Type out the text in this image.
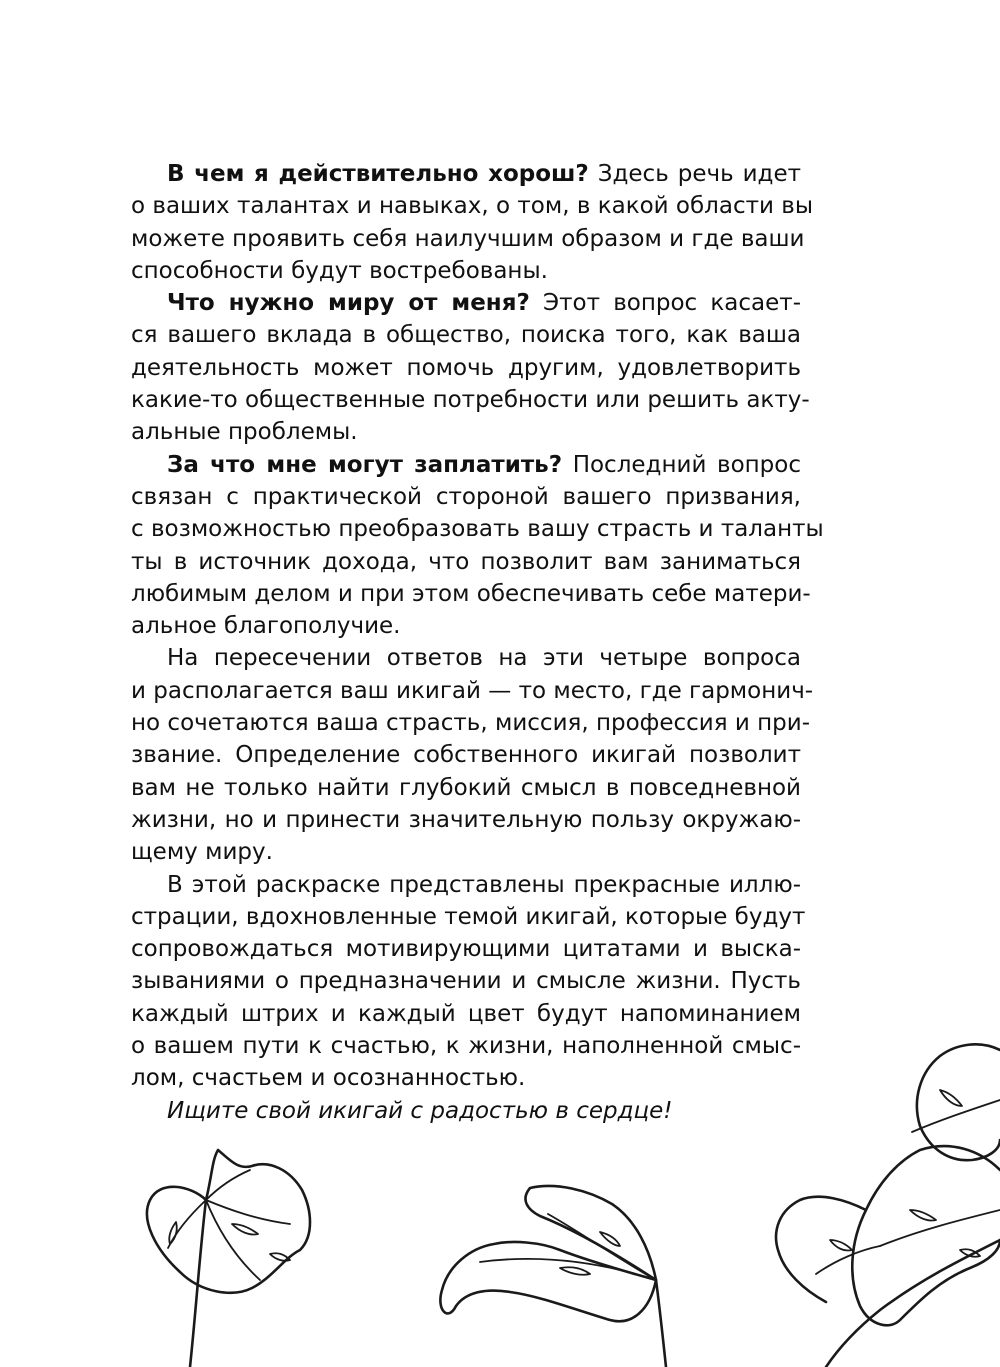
В чем я действительно хорош? Здесь речь идет
о ваших талантах и навыках, о том, в какой области вы
можете проявить себя наилучшим образом и где ваши
способности будут востребованы.

Что нужно миру от меня? Этот вопрос касает-
ся вашего вклада в общество, поиска того, как ваша
деятельность может помочь другим, удовлетворить
какие-то общественные потребности или решить акту-
альные проблемы.

За что мне могут заплатить? Последний вопрос
связан с практической стороной вашего призвания,
с возможностью преобразовать вашу страсть и таланты
ты в источник дохода, что позволит вам заниматься
любимым делом и при этом обеспечивать себе матери-
альное благополучие.

На пересечении ответов на эти четыре вопроса
и располагается ваш икигай — то место, где гармонич-
но сочетаются ваша страсть, миссия, профессия и при-
звание. Определение собственного икигай позволит
вам не только найти глубокий смысл в повседневной
жизни, но и принести значительную пользу окружаю-
щему миру.

В этой раскраске представлены прекрасные иллю-
страции, вдохновленные темой икигай, которые будут
сопровождаться мотивирующими цитатами и выска-
зываниями о предназначении и смысле жизни. Пусть
каждый штрих и каждый цвет будут напоминанием
о вашем пути к счастью, к жизни, наполненной смыс-
лом, счастьем и осознанностью.

Ищите свой икигай с радостью в сердце!
